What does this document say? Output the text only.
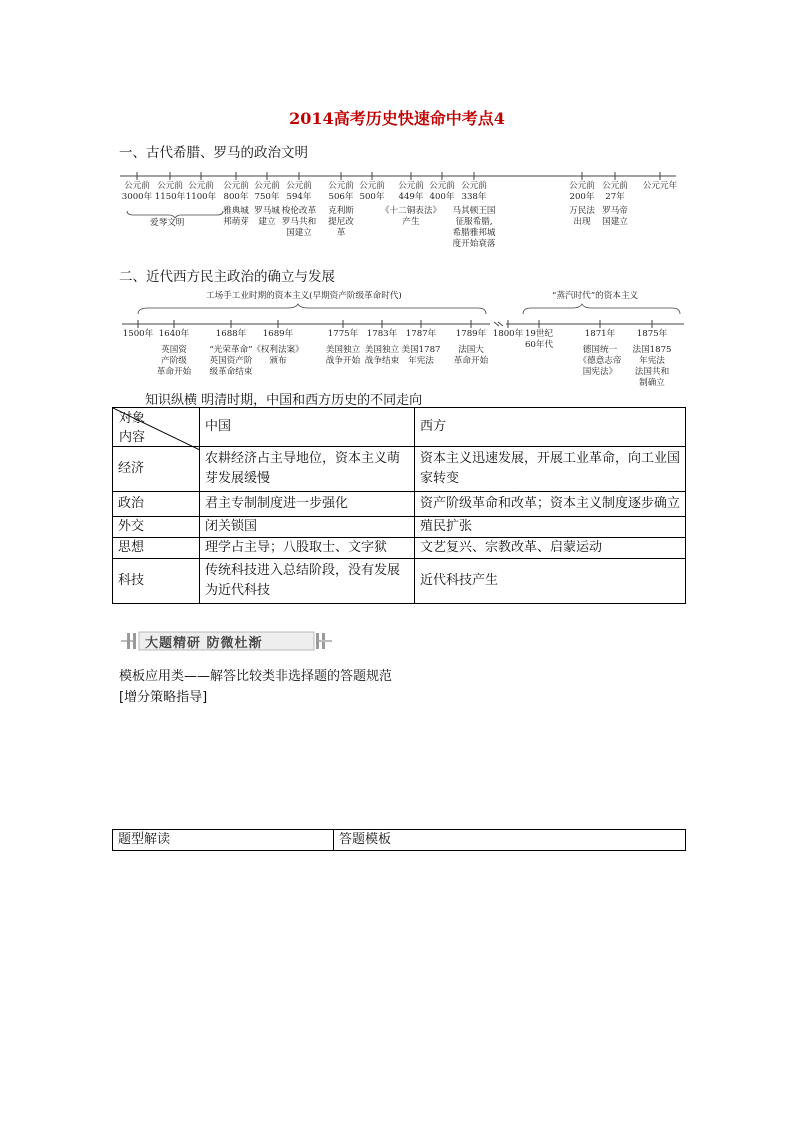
2014高考历史快速命中考点4
一、古代希腊、罗马的政治文明
公元前
3000年
公元前
1150年
公元前
1100年
公元前
800年
雅典城
邦萌芽
公元前
750年
罗马城
建立
公元前
594年
梭伦改革
罗马共和
国建立
公元前
506年
克利斯
提尼改
革
公元前
500年
公元前
449年
《十二铜表法》
产生
公元前
400年
公元前
338年
马其顿王国
征服希腊,
希腊雅邦城
度开始衰落
公元前
200年
万民法
出现
公元前
27年
罗马帝
国建立
公元元年
爱琴文明
二、近代西方民主政治的确立与发展
工场手工业时期的资本主义(早期资产阶级革命时代)	“蒸汽时代”的资本主义
1500年 1640年
英国资
产阶级
革命开始
1688年
“光荣革命”
英国资产阶
级革命结束
1689年
《权利法案》
颁布
1775年
美国独立
战争开始
1783年
美国独立
战争结束
1787年
美国1787
年宪法
1789年
法国大
革命开始
1800年 19世纪
60年代
1871年
德国统一
《德意志帝
国宪法》
1875年
法国1875
年宪法
法国共和
制确立
知识纵横 明清时期，中国和西方历史的不同走向
对象
内容	中国	西方
经济	农耕经济占主导地位，资本主义萌芽发展缓慢	资本主义迅速发展，开展工业革命，向工业国家转变
政治	君主专制制度进一步强化	资产阶级革命和改革；资本主义制度逐步确立
外交	闭关锁国	殖民扩张
思想	理学占主导；八股取士、文字狱	文艺复兴、宗教改革、启蒙运动
科技	传统科技进入总结阶段，没有发展为近代科技	近代科技产生
大题精研 防微杜渐
模板应用类——解答比较类非选择题的答题规范
[增分策略指导]
题型解读	答题模板
